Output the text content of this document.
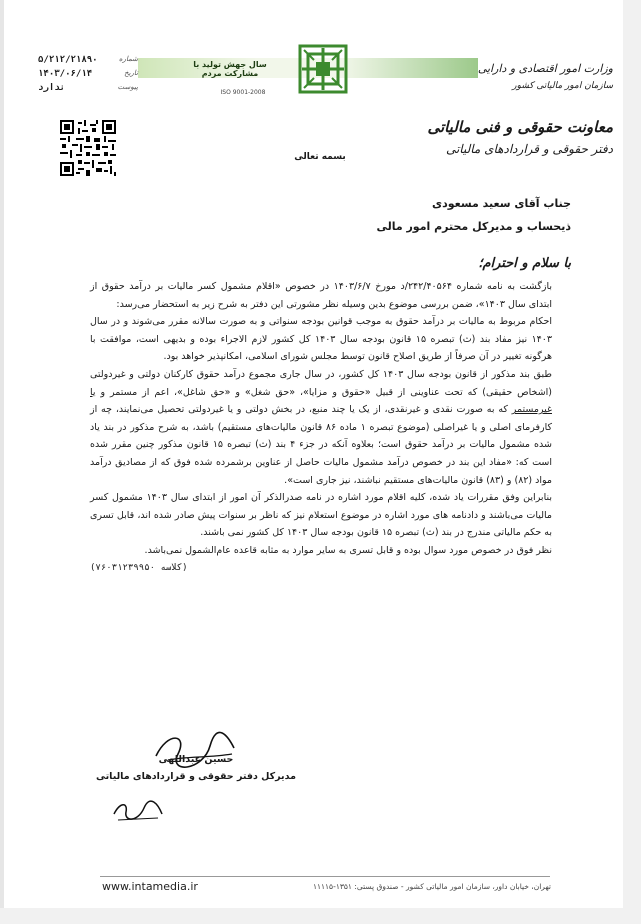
وزارت امور اقتصادی و دارایی
سازمان امور مالیاتی کشور
سال جهش تولید با مشارکت مردم
ISO 9001-2008
شماره
۵/۲۱۲/۲۱۸۹۰
تاریخ
۱۴۰۳/۰۶/۱۴
پیوست
ندارد
معاونت حقوقی و فنی مالیاتی
دفتر حقوقی و قراردادهای مالیاتی
بسمه تعالی
جناب آقای سعید مسعودی
ذیحساب و مدیرکل محترم امور مالی
با سلام و احترام؛

بازگشت به نامه شماره ۲۴۲/۴۰۵۶۴/د مورخ ۱۴۰۳/۶/۷ در خصوص «اقلام مشمول کسر مالیات بر درآمد حقوق از ابتدای سال ۱۴۰۳»، ضمن بررسی موضوع بدین وسیله نظر مشورتی این دفتر به شرح زیر به استحضار می‌رسد:

احکام مربوط به مالیات بر درآمد حقوق به موجب قوانین بودجه سنواتی و به صورت سالانه مقرر می‌شوند و در سال ۱۴۰۳ نیز مفاد بند (ث) تبصره ۱۵ قانون بودجه سال ۱۴۰۳ کل کشور لازم الاجراء بوده و بدیهی است، موافقت با هرگونه تغییر در آن صرفاً از طریق اصلاح قانون توسط مجلس شورای اسلامی، امکانپذیر خواهد بود.

طبق بند مذکور از قانون بودجه سال ۱۴۰۳ کل کشور، در سال جاری مجموع درآمد حقوق کارکنان دولتی و غیردولتی (اشخاص حقیقی) که تحت عناوینی از قبیل «حقوق و مزایا»، «حق شغل» و «حق شاغل»، اعم از مستمر و یا غیرمستمر که به صورت نقدی و غیرنقدی، از یک یا چند منبع، در بخش دولتی و یا غیردولتی تحصیل می‌نمایند، چه از کارفرمای اصلی و یا غیراصلی (موضوع تبصره ۱ ماده ۸۶ قانون مالیات‌های مستقیم) باشد، به شرح مذکور در بند یاد شده مشمول مالیات بر درآمد حقوق است؛ بعلاوه آنکه در جزء ۴ بند (ث) تبصره ۱۵ قانون مذکور چنین مقرر شده است که: «مفاد این بند در خصوص درآمد مشمول مالیات حاصل از عناوین برشمرده شده فوق که از مصادیق درآمد مواد (۸۲) و (۸۳) قانون مالیات‌های مستقیم نباشند، نیز جاری است».

بنابراین وفق مقررات یاد شده، کلیه اقلام مورد اشاره در نامه صدرالذکر آن امور از ابتدای سال ۱۴۰۳ مشمول کسر مالیات می‌باشند و دادنامه های مورد اشاره در موضوع استعلام نیز که ناظر بر سنوات پیش صادر شده اند، قابل تسری به حکم مالیاتی مندرج در بند (ث) تبصره ۱۵ قانون بودجه سال ۱۴۰۳ کل کشور نمی باشند.

نظر فوق در خصوص مورد سوال بوده و قابل تسری به سایر موارد به مثابه قاعده عام‌الشمول نمی‌باشد.

(کلاسه ۷۶۰۳۱۲۳۹۹۵۰)

حسین عبداللهی
مدیرکل دفتر حقوقی و قراردادهای مالیاتی
www.intamedia.ir	تهران، خیابان داور، سازمان امور مالیاتی کشور - صندوق پستی: ۱۳۵۱-۱۱۱۱۵
